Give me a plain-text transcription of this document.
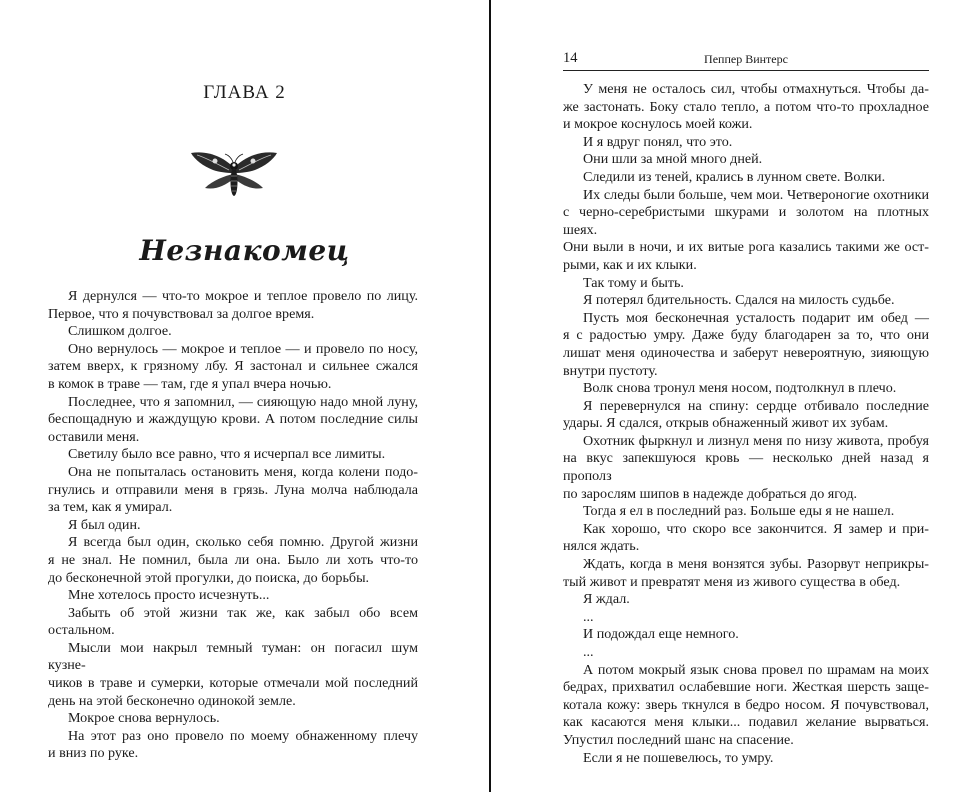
ГЛАВА 2
Незнакомец

Я дернулся — что-то мокрое и теплое провело по лицу.
Первое, что я почувствовал за долгое время.

Слишком долгое.

Оно вернулось — мокрое и теплое — и провело по носу,
затем вверх, к грязному лбу. Я застонал и сильнее сжался
в комок в траве — там, где я упал вчера ночью.

Последнее, что я запомнил, — сияющую надо мной луну,
беспощадную и жаждущую крови. А потом последние силы
оставили меня.

Светилу было все равно, что я исчерпал все лимиты.

Она не попыталась остановить меня, когда колени подо-
гнулись и отправили меня в грязь. Луна молча наблюдала
за тем, как я умирал.

Я был один.

Я всегда был один, сколько себя помню. Другой жизни
я не знал. Не помнил, была ли она. Было ли хоть что-то
до бесконечной этой прогулки, до поиска, до борьбы.

Мне хотелось просто исчезнуть...

Забыть об этой жизни так же, как забыл обо всем остальном.

Мысли мои накрыл темный туман: он погасил шум кузне-
чиков в траве и сумерки, которые отмечали мой последний
день на этой бесконечно одинокой земле.

Мокрое снова вернулось.

На этот раз оно провело по моему обнаженному плечу
и вниз по руке.

14	Пеппер Винтерс

У меня не осталось сил, чтобы отмахнуться. Чтобы да-
же застонать. Боку стало тепло, а потом что-то прохладное
и мокрое коснулось моей кожи.

И я вдруг понял, что это.

Они шли за мной много дней.

Следили из теней, крались в лунном свете. Волки.

Их следы были больше, чем мои. Четвероногие охотники
с черно-серебристыми шкурами и золотом на плотных шеях.
Они выли в ночи, и их витые рога казались такими же ост-
рыми, как и их клыки.

Так тому и быть.

Я потерял бдительность. Сдался на милость судьбе.

Пусть моя бесконечная усталость подарит им обед —
я с радостью умру. Даже буду благодарен за то, что они
лишат меня одиночества и заберут невероятную, зияющую
внутри пустоту.

Волк снова тронул меня носом, подтолкнул в плечо.

Я перевернулся на спину: сердце отбивало последние
удары. Я сдался, открыв обнаженный живот их зубам.

Охотник фыркнул и лизнул меня по низу живота, пробуя
на вкус запекшуюся кровь — несколько дней назад я прополз
по зарослям шипов в надежде добраться до ягод.

Тогда я ел в последний раз. Больше еды я не нашел.

Как хорошо, что скоро все закончится. Я замер и при-
нялся ждать.

Ждать, когда в меня вонзятся зубы. Разорвут неприкры-
тый живот и превратят меня из живого существа в обед.

Я ждал.

...

И подождал еще немного.

...

А потом мокрый язык снова провел по шрамам на моих
бедрах, прихватил ослабевшие ноги. Жесткая шерсть защe-
котала кожу: зверь ткнулся в бедро носом. Я почувствовал,
как касаются меня клыки... подавил желание вырваться.
Упустил последний шанс на спасение.

Если я не пошевелюсь, то умру.
